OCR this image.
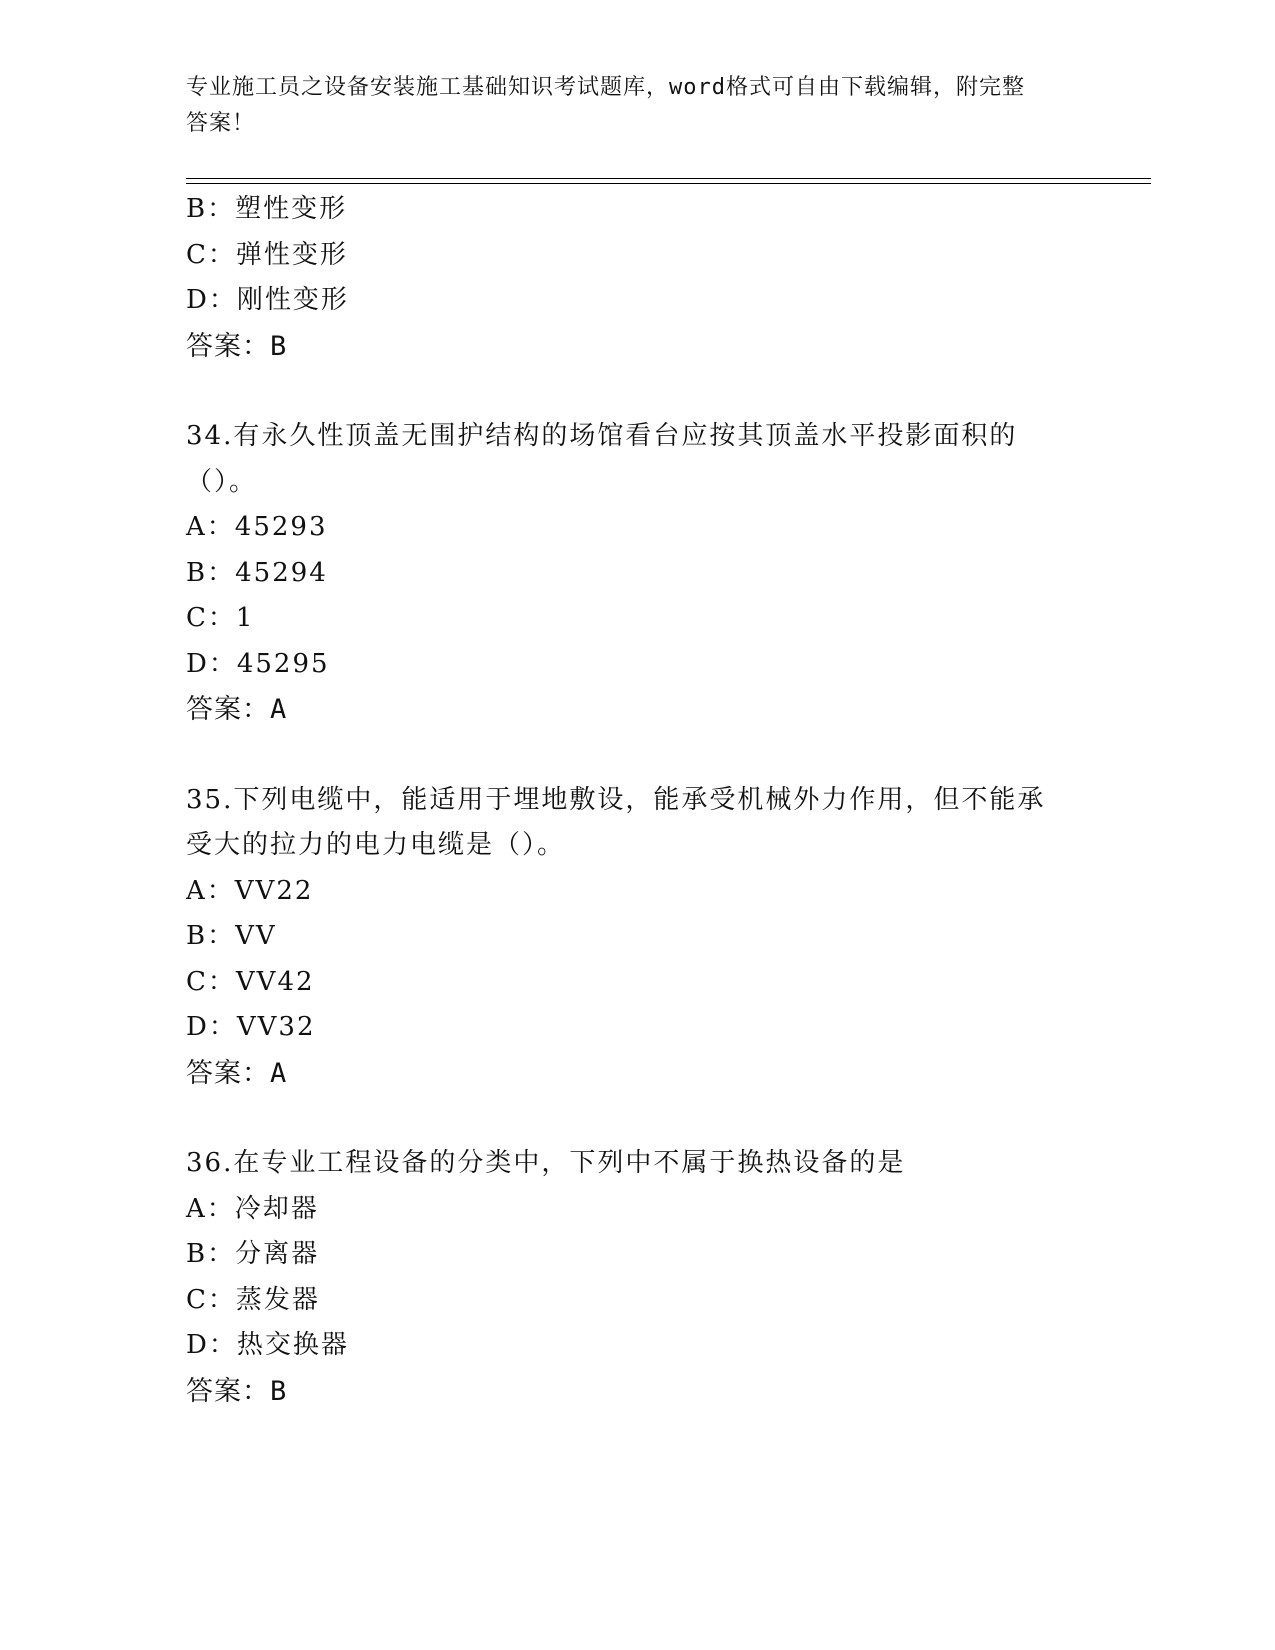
专业施工员之设备安装施工基础知识考试题库，word格式可自由下载编辑，附完整答案！
B：塑性变形
C：弹性变形
D：刚性变形
答案：B
34.有永久性顶盖无围护结构的场馆看台应按其顶盖水平投影面积的（）。
A：45293
B：45294
C：1
D：45295
答案：A
35.下列电缆中，能适用于埋地敷设，能承受机械外力作用，但不能承受大的拉力的电力电缆是（）。
A：VV22
B：VV
C：VV42
D：VV32
答案：A
36.在专业工程设备的分类中，下列中不属于换热设备的是
A：冷却器
B：分离器
C：蒸发器
D：热交换器
答案：B
